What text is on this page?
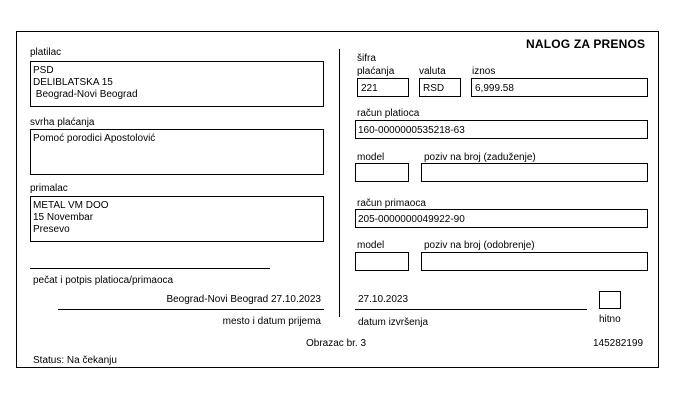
NALOG ZA PRENOS
platilac
PSD
DELIBLATSKA 15
Beograd-Novi Beograd
svrha plaćanja
Pomoć porodici Apostolović
primalac
METAL VM DOO
15 Novembar
Presevo
pečat i potpis platioca/primaoca
Beograd-Novi Beograd 27.10.2023
mesto i datum prijema
šifra
plaćanja
221
valuta
RSD
iznos
6,999.58
račun platioca
160-0000000535218-63
model	poziv na broj (zaduženje)
račun primaoca
205-0000000049922-90
model	poziv na broj (odobrenje)
27.10.2023
datum izvršenja	hitno
Obrazac br. 3	145282199
Status: Na čekanju
